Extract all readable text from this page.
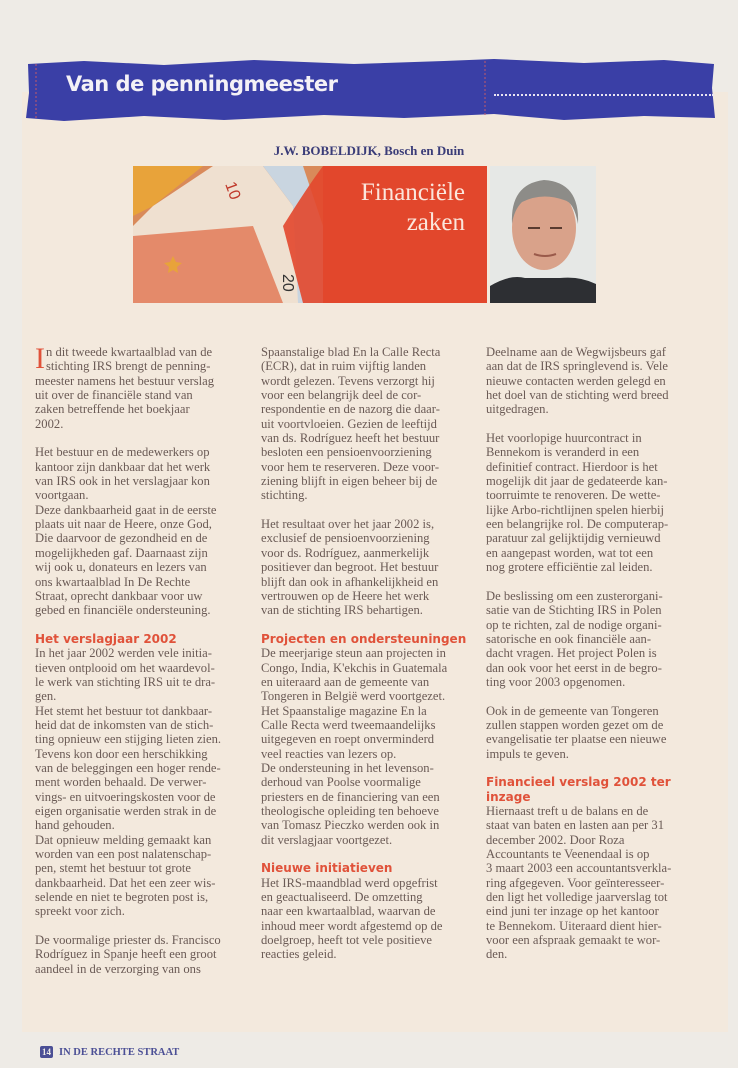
Van de penningmeester
J.W. BOBELDIJK, Bosch en Duin
10
20
Financiële
zaken

In dit tweede kwartaalblad van de
stichting IRS brengt de penning-
meester namens het bestuur verslag
uit over de financiële stand van
zaken betreffende het boekjaar
2002.

Het bestuur en de medewerkers op
kantoor zijn dankbaar dat het werk
van IRS ook in het verslagjaar kon
voortgaan.

Deze dankbaarheid gaat in de eerste
plaats uit naar de Heere, onze God,
Die daarvoor de gezondheid en de
mogelijkheden gaf. Daarnaast zijn
wij ook u, donateurs en lezers van
ons kwartaalblad In De Rechte
Straat, oprecht dankbaar voor uw
gebed en financiële ondersteuning.

Het verslagjaar 2002

In het jaar 2002 werden vele initia-
tieven ontplooid om het waardevol-
le werk van stichting IRS uit te dra-
gen.

Het stemt het bestuur tot dankbaar-
heid dat de inkomsten van de stich-
ting opnieuw een stijging lieten zien.
Tevens kon door een herschikking
van de beleggingen een hoger rende-
ment worden behaald. De verwer-
vings- en uitvoeringskosten voor de
eigen organisatie werden strak in de
hand gehouden.

Dat opnieuw melding gemaakt kan
worden van een post nalatenschap-
pen, stemt het bestuur tot grote
dankbaarheid. Dat het een zeer wis-
selende en niet te begroten post is,
spreekt voor zich.

De voormalige priester ds. Francisco
Rodríguez in Spanje heeft een groot
aandeel in de verzorging van ons

Spaanstalige blad En la Calle Recta
(ECR), dat in ruim vijftig landen
wordt gelezen. Tevens verzorgt hij
voor een belangrijk deel de cor-
respondentie en de nazorg die daar-
uit voortvloeien. Gezien de leeftijd
van ds. Rodríguez heeft het bestuur
besloten een pensioenvoorziening
voor hem te reserveren. Deze voor-
ziening blijft in eigen beheer bij de
stichting.

Het resultaat over het jaar 2002 is,
exclusief de pensioenvoorziening
voor ds. Rodríguez, aanmerkelijk
positiever dan begroot. Het bestuur
blijft dan ook in afhankelijkheid en
vertrouwen op de Heere het werk
van de stichting IRS behartigen.

Projecten en ondersteuningen

De meerjarige steun aan projecten in
Congo, India, K'ekchis in Guatemala
en uiteraard aan de gemeente van
Tongeren in België werd voortgezet.
Het Spaanstalige magazine En la
Calle Recta werd tweemaandelijks
uitgegeven en roept onverminderd
veel reacties van lezers op.

De ondersteuning in het levenson-
derhoud van Poolse voormalige
priesters en de financiering van een
theologische opleiding ten behoeve
van Tomasz Pieczko werden ook in
dit verslagjaar voortgezet.

Nieuwe initiatieven

Het IRS-maandblad werd opgefrist
en geactualiseerd. De omzetting
naar een kwartaalblad, waarvan de
inhoud meer wordt afgestemd op de
doelgroep, heeft tot vele positieve
reacties geleid.

Deelname aan de Wegwijsbeurs gaf
aan dat de IRS springlevend is. Vele
nieuwe contacten werden gelegd en
het doel van de stichting werd breed
uitgedragen.

Het voorlopige huurcontract in
Bennekom is veranderd in een
definitief contract. Hierdoor is het
mogelijk dit jaar de gedateerde kan-
toorruimte te renoveren. De wette-
lijke Arbo-richtlijnen spelen hierbij
een belangrijke rol. De computerap-
paratuur zal gelijktijdig vernieuwd
en aangepast worden, wat tot een
nog grotere efficiëntie zal leiden.

De beslissing om een zusterorgani-
satie van de Stichting IRS in Polen
op te richten, zal de nodige organi-
satorische en ook financiële aan-
dacht vragen. Het project Polen is
dan ook voor het eerst in de begro-
ting voor 2003 opgenomen.

Ook in de gemeente van Tongeren
zullen stappen worden gezet om de
evangelisatie ter plaatse een nieuwe
impuls te geven.

Financieel verslag 2002 ter
inzage

Hiernaast treft u de balans en de
staat van baten en lasten aan per 31
december 2002. Door Roza
Accountants te Veenendaal is op
3 maart 2003 een accountantsverkla-
ring afgegeven. Voor geïnteresseer-
den ligt het volledige jaarverslag tot
eind juni ter inzage op het kantoor
te Bennekom. Uiteraard dient hier-
voor een afspraak gemaakt te wor-
den.

14 IN DE RECHTE STRAAT
